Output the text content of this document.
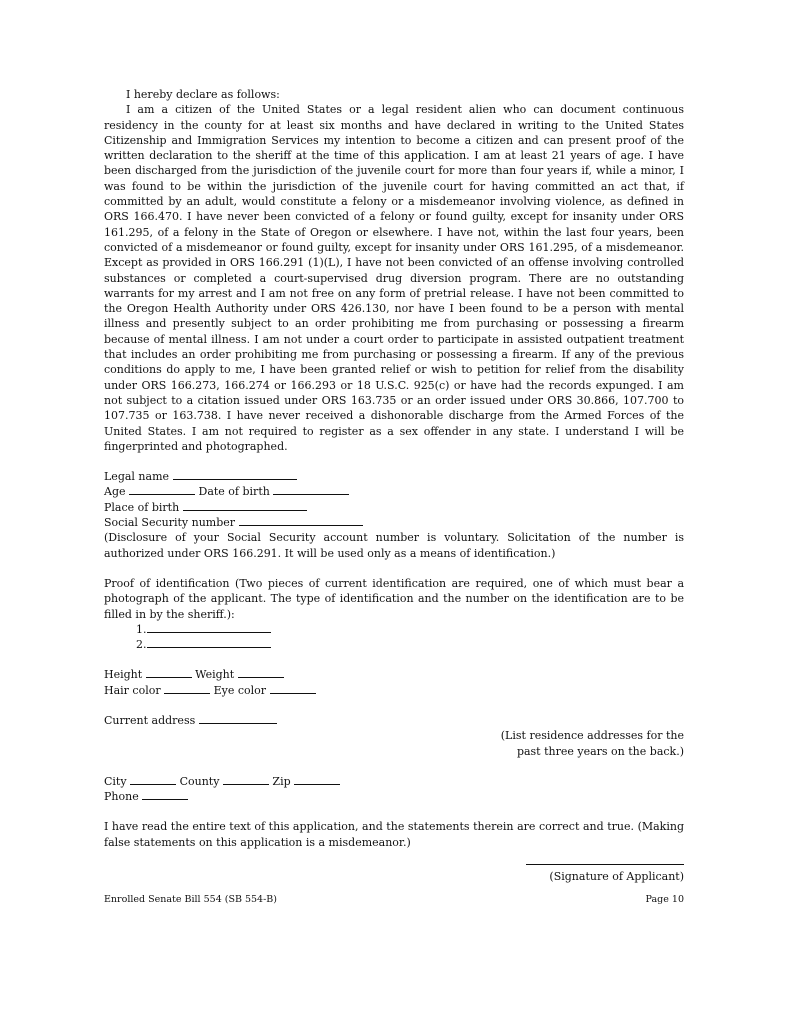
I hereby declare as follows:

I am a citizen of the United States or a legal resident alien who can document continuous residency in the county for at least six months and have declared in writing to the United States Citizenship and Immigration Services my intention to become a citizen and can present proof of the written declaration to the sheriff at the time of this application. I am at least 21 years of age. I have been discharged from the jurisdiction of the juvenile court for more than four years if, while a minor, I was found to be within the jurisdiction of the juvenile court for having committed an act that, if committed by an adult, would constitute a felony or a misdemeanor involving violence, as defined in ORS 166.470. I have never been convicted of a felony or found guilty, except for insanity under ORS 161.295, of a felony in the State of Oregon or elsewhere. I have not, within the last four years, been convicted of a misdemeanor or found guilty, except for insanity under ORS 161.295, of a misdemeanor. Except as provided in ORS 166.291 (1)(L), I have not been convicted of an offense involving controlled substances or completed a court-supervised drug diversion program. There are no outstanding warrants for my arrest and I am not free on any form of pretrial release. I have not been committed to the Oregon Health Authority under ORS 426.130, nor have I been found to be a person with mental illness and presently subject to an order prohibiting me from purchasing or possessing a firearm because of mental illness. I am not under a court order to participate in assisted outpatient treatment that includes an order prohibiting me from purchasing or possessing a firearm. If any of the previous conditions do apply to me, I have been granted relief or wish to petition for relief from the disability under ORS 166.273, 166.274 or 166.293 or 18 U.S.C. 925(c) or have had the records expunged. I am not subject to a citation issued under ORS 163.735 or an order issued under ORS 30.866, 107.700 to 107.735 or 163.738. I have never received a dishonorable discharge from the Armed Forces of the United States. I am not required to register as a sex offender in any state. I understand I will be fingerprinted and photographed.

Legal name
Age	Date of birth
Place of birth
Social Security number

(Disclosure of your Social Security account number is voluntary. Solicitation of the number is authorized under ORS 166.291. It will be used only as a means of identification.)

Proof of identification (Two pieces of current identification are required, one of which must bear a photograph of the applicant. The type of identification and the number on the identification are to be filled in by the sheriff.):

1.
2.
Height	Weight
Hair color	Eye color
Current address
(List residence addresses for the
past three years on the back.)
City	County	Zip
Phone

I have read the entire text of this application, and the statements therein are correct and true. (Making false statements on this application is a misdemeanor.)

(Signature of Applicant)
Enrolled Senate Bill 554 (SB 554-B)	Page 10
